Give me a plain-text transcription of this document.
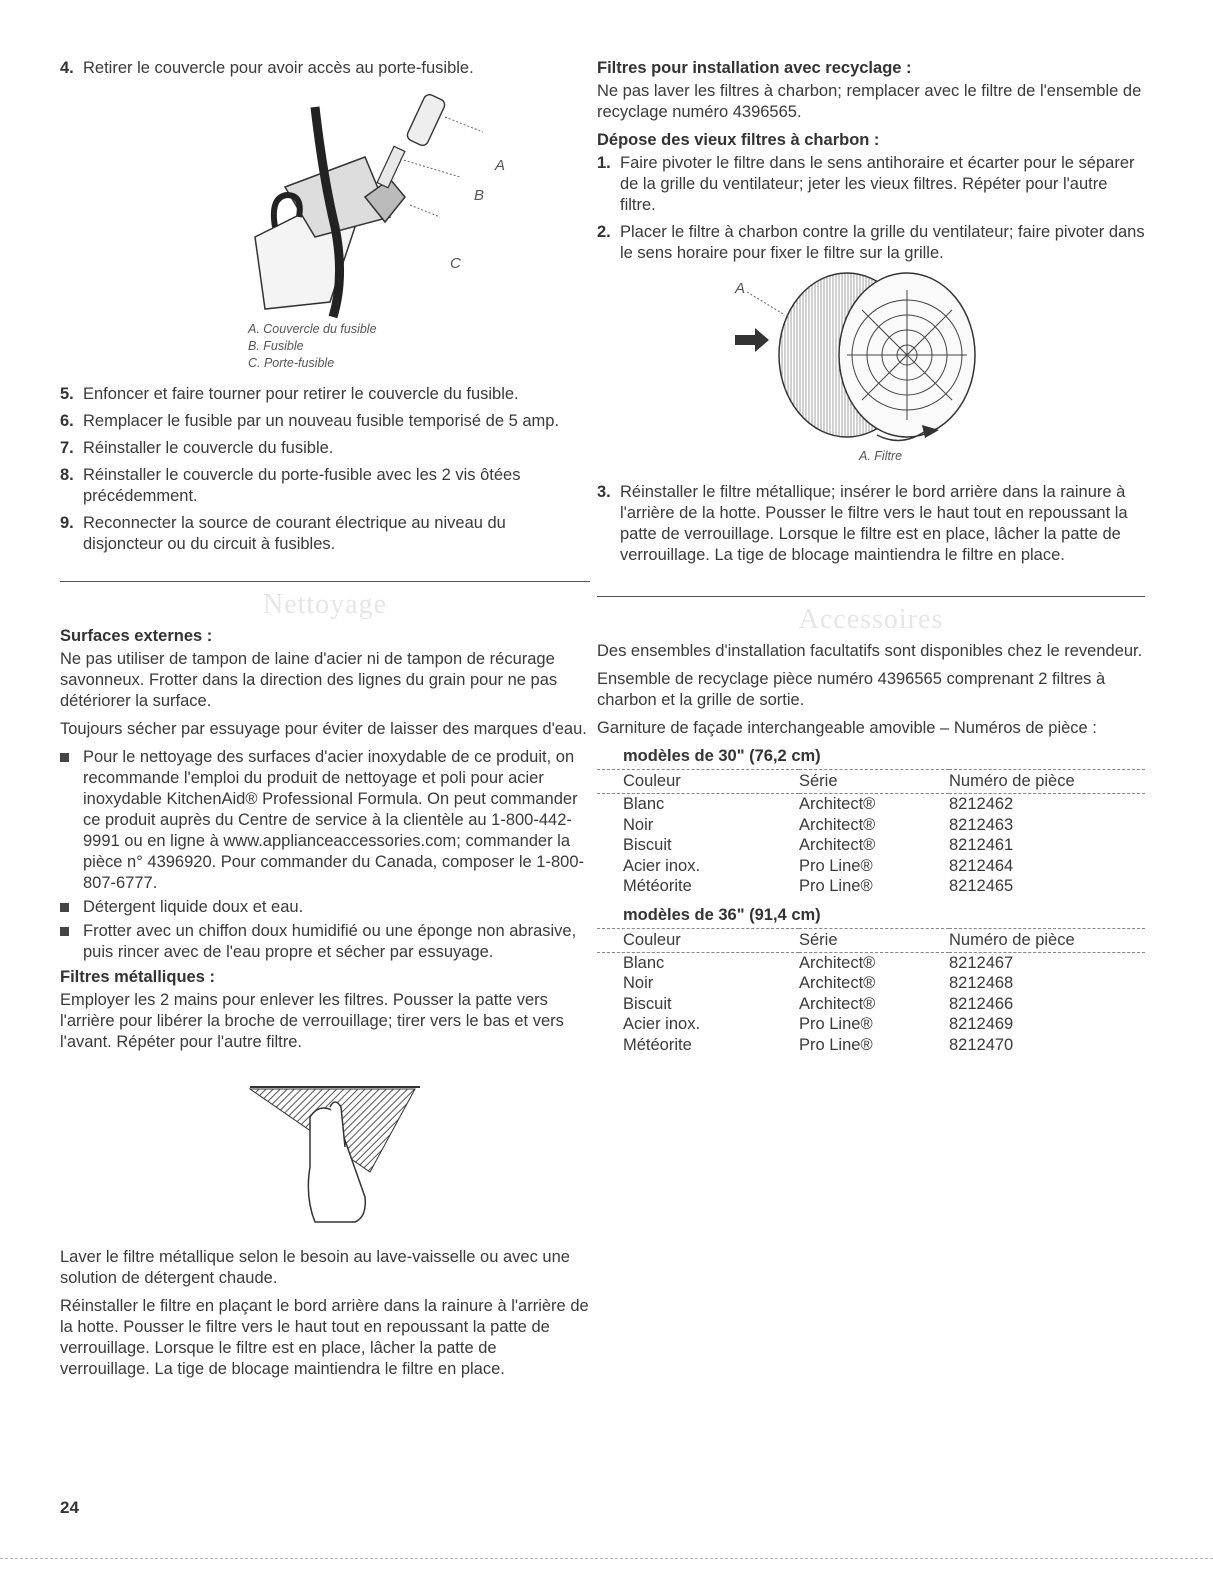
4. Retirer le couvercle pour avoir accès au porte-fusible.
A
B
C
A. Couvercle du fusible
B. Fusible
C. Porte-fusible
5. Enfoncer et faire tourner pour retirer le couvercle du fusible.
6. Remplacer le fusible par un nouveau fusible temporisé de 5 amp.
7. Réinstaller le couvercle du fusible.
8. Réinstaller le couvercle du porte-fusible avec les 2 vis ôtées précédemment.
9. Reconnecter la source de courant électrique au niveau du disjoncteur ou du circuit à fusibles.
Nettoyage
Surfaces externes :

Ne pas utiliser de tampon de laine d'acier ni de tampon de récurage savonneux. Frotter dans la direction des lignes du grain pour ne pas détériorer la surface.

Toujours sécher par essuyage pour éviter de laisser des marques d'eau.

Pour le nettoyage des surfaces d'acier inoxydable de ce produit, on recommande l'emploi du produit de nettoyage et poli pour acier inoxydable KitchenAid® Professional Formula. On peut commander ce produit auprès du Centre de service à la clientèle au 1-800-442-9991 ou en ligne à www.applianceaccessories.com; commander la pièce n° 4396920. Pour commander du Canada, composer le 1-800-807-6777.
Détergent liquide doux et eau.
Frotter avec un chiffon doux humidifié ou une éponge non abrasive, puis rincer avec de l'eau propre et sécher par essuyage.
Filtres métalliques :

Employer les 2 mains pour enlever les filtres. Pousser la patte vers l'arrière pour libérer la broche de verrouillage; tirer vers le bas et vers l'avant. Répéter pour l'autre filtre.

Laver le filtre métallique selon le besoin au lave-vaisselle ou avec une solution de détergent chaude.

Réinstaller le filtre en plaçant le bord arrière dans la rainure à l'arrière de la hotte. Pousser le filtre vers le haut tout en repoussant la patte de verrouillage. Lorsque le filtre est en place, lâcher la patte de verrouillage. La tige de blocage maintiendra le filtre en place.

24
Filtres pour installation avec recyclage :

Ne pas laver les filtres à charbon; remplacer avec le filtre de l'ensemble de recyclage numéro 4396565.

Dépose des vieux filtres à charbon :
1. Faire pivoter le filtre dans le sens antihoraire et écarter pour le séparer de la grille du ventilateur; jeter les vieux filtres. Répéter pour l'autre filtre.
2. Placer le filtre à charbon contre la grille du ventilateur; faire pivoter dans le sens horaire pour fixer le filtre sur la grille.
A
A. Filtre
3. Réinstaller le filtre métallique; insérer le bord arrière dans la rainure à l'arrière de la hotte. Pousser le filtre vers le haut tout en repoussant la patte de verrouillage. Lorsque le filtre est en place, lâcher la patte de verrouillage. La tige de blocage maintiendra le filtre en place.
Accessoires

Des ensembles d'installation facultatifs sont disponibles chez le revendeur.

Ensemble de recyclage pièce numéro 4396565 comprenant 2 filtres à charbon et la grille de sortie.

Garniture de façade interchangeable amovible – Numéros de pièce :

modèles de 30" (76,2 cm)
Couleur	Série	Numéro de pièce
Blanc	Architect®	8212462
Noir	Architect®	8212463
Biscuit	Architect®	8212461
Acier inox.	Pro Line®	8212464
Météorite	Pro Line®	8212465
modèles de 36" (91,4 cm)
Couleur	Série	Numéro de pièce
Blanc	Architect®	8212467
Noir	Architect®	8212468
Biscuit	Architect®	8212466
Acier inox.	Pro Line®	8212469
Météorite	Pro Line®	8212470
